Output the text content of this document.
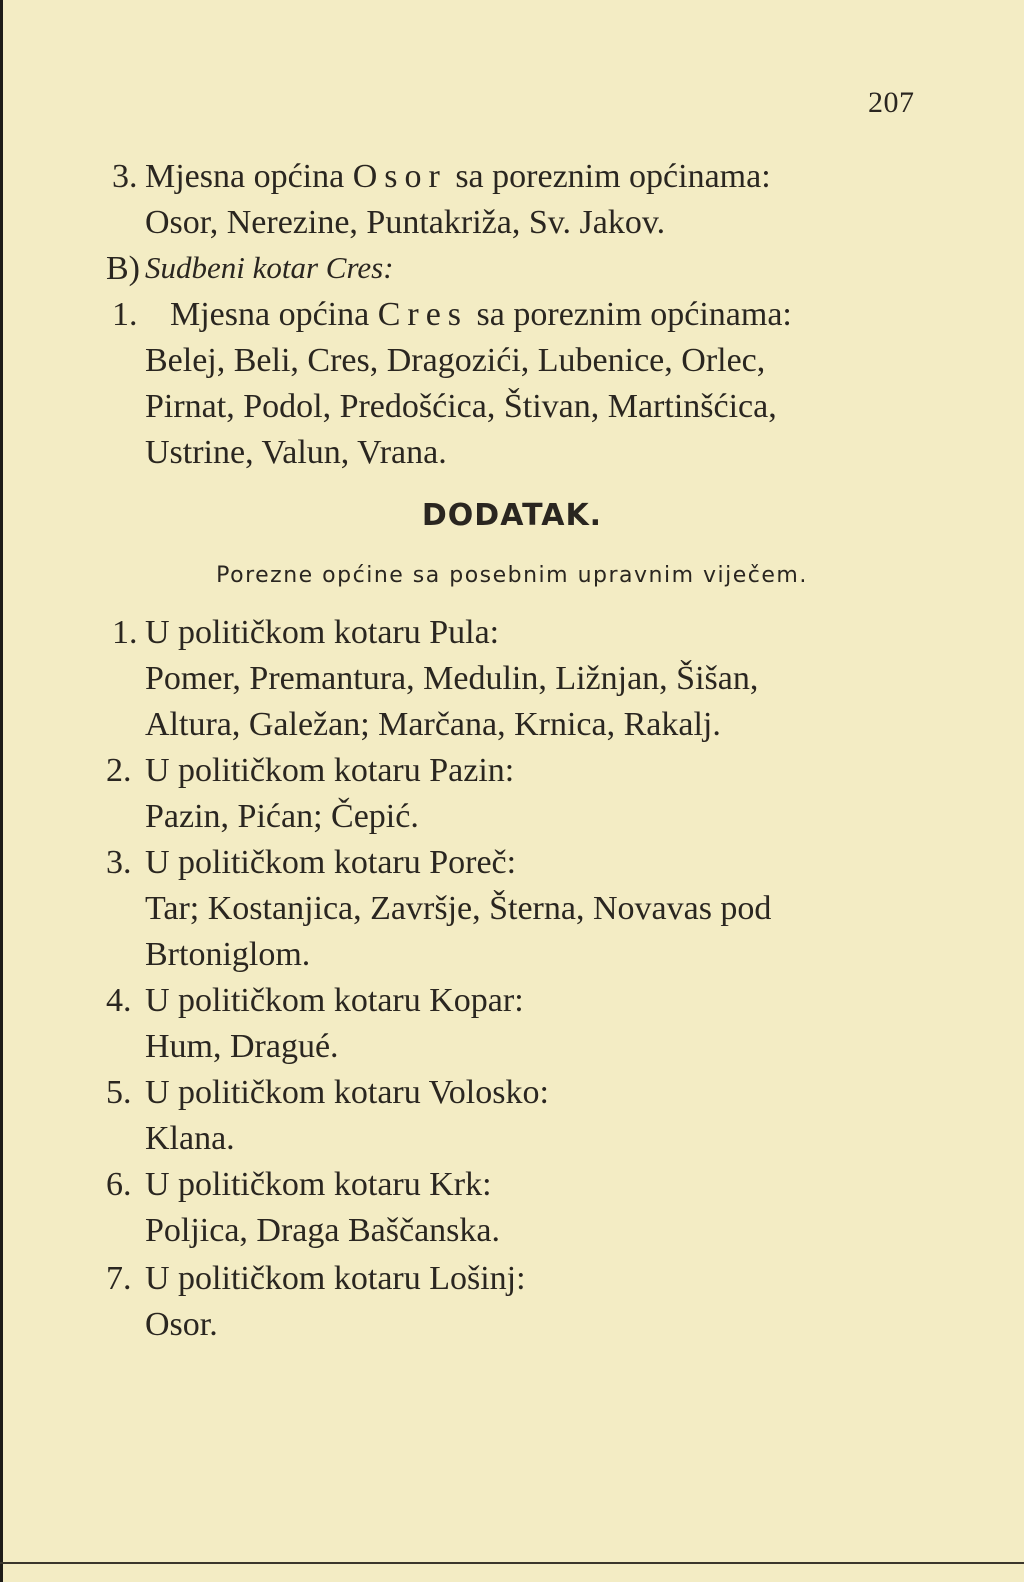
207
3. Mjesna općina Osor sa poreznim općinama:
Osor, Nerezine, Puntakriža, Sv. Jakov.
B) Sudbeni kotar Cres:
1. Mjesna općina Cres sa poreznim općinama:
Belej, Beli, Cres, Dragozići, Lubenice, Orlec,
Pirnat, Podol, Predošćica, Štivan, Martinšćica,
Ustrine, Valun, Vrana.
DODATAK.
Porezne općine sa posebnim upravnim viječem.
1. U političkom kotaru Pula:
Pomer, Premantura, Medulin, Ližnjan, Šišan,
Altura, Galežan; Marčana, Krnica, Rakalj.
2. U političkom kotaru Pazin:
Pazin, Pićan; Čepić.
3. U političkom kotaru Poreč:
Tar; Kostanjica, Završje, Šterna, Novavas pod
Brtoniglom.
4. U političkom kotaru Kopar:
Hum, Dragué.
5. U političkom kotaru Volosko:
Klana.
6. U političkom kotaru Krk:
Poljica, Draga Baščanska.
7. U političkom kotaru Lošinj:
Osor.
